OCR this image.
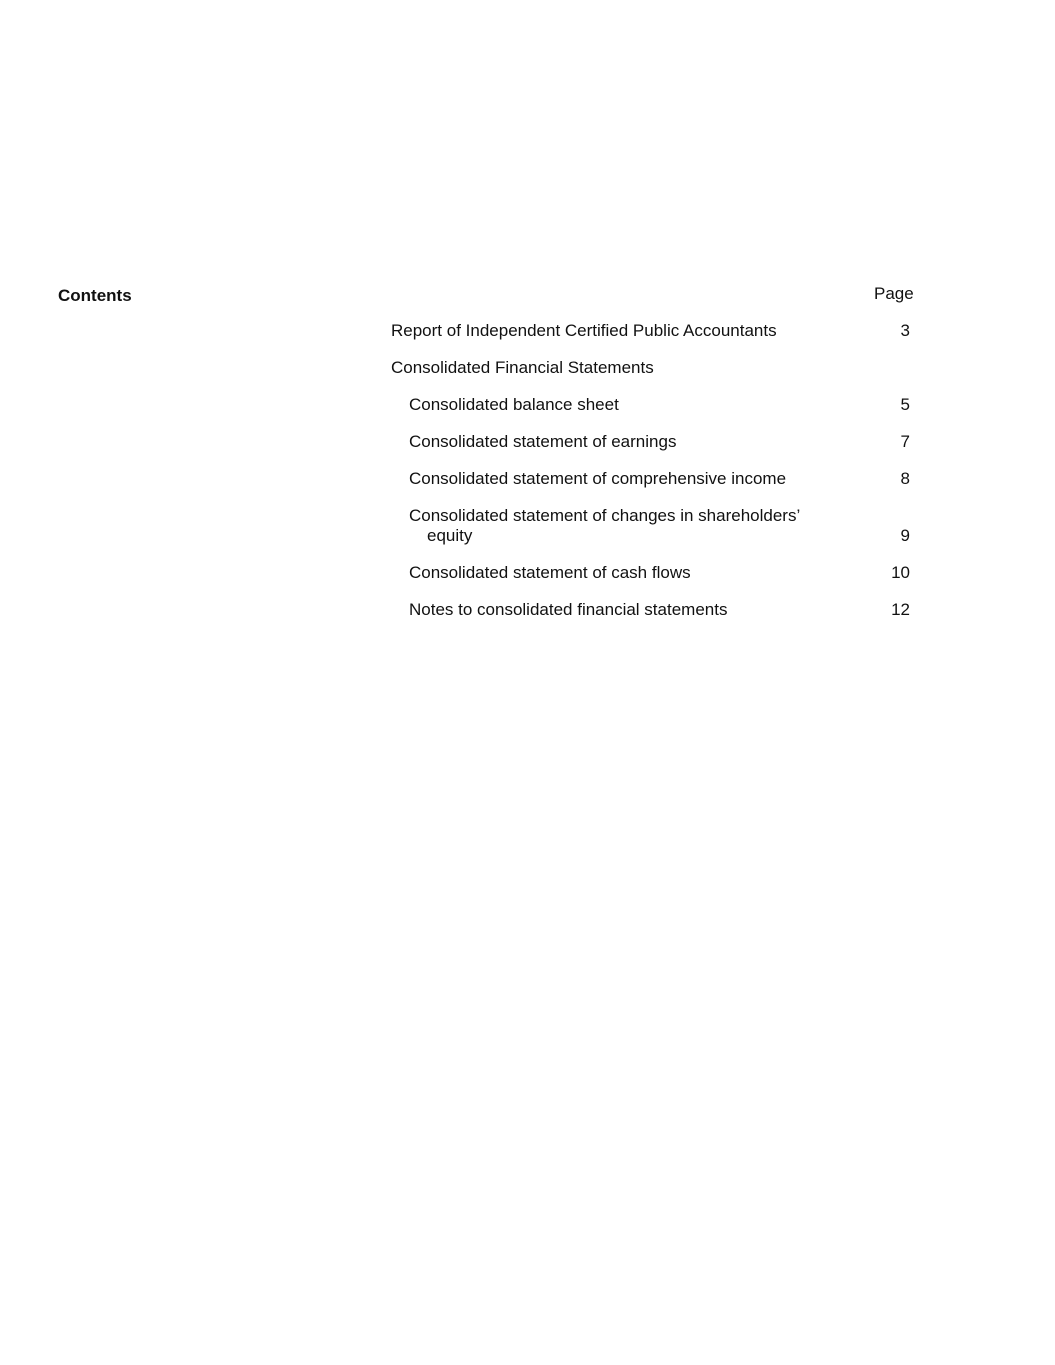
Contents	Page
Report of Independent Certified Public Accountants	3
Consolidated Financial Statements
Consolidated balance sheet	5
Consolidated statement of earnings	7
Consolidated statement of comprehensive income	8
Consolidated statement of changes in shareholders’
equity	9
Consolidated statement of cash flows	10
Notes to consolidated financial statements	12
